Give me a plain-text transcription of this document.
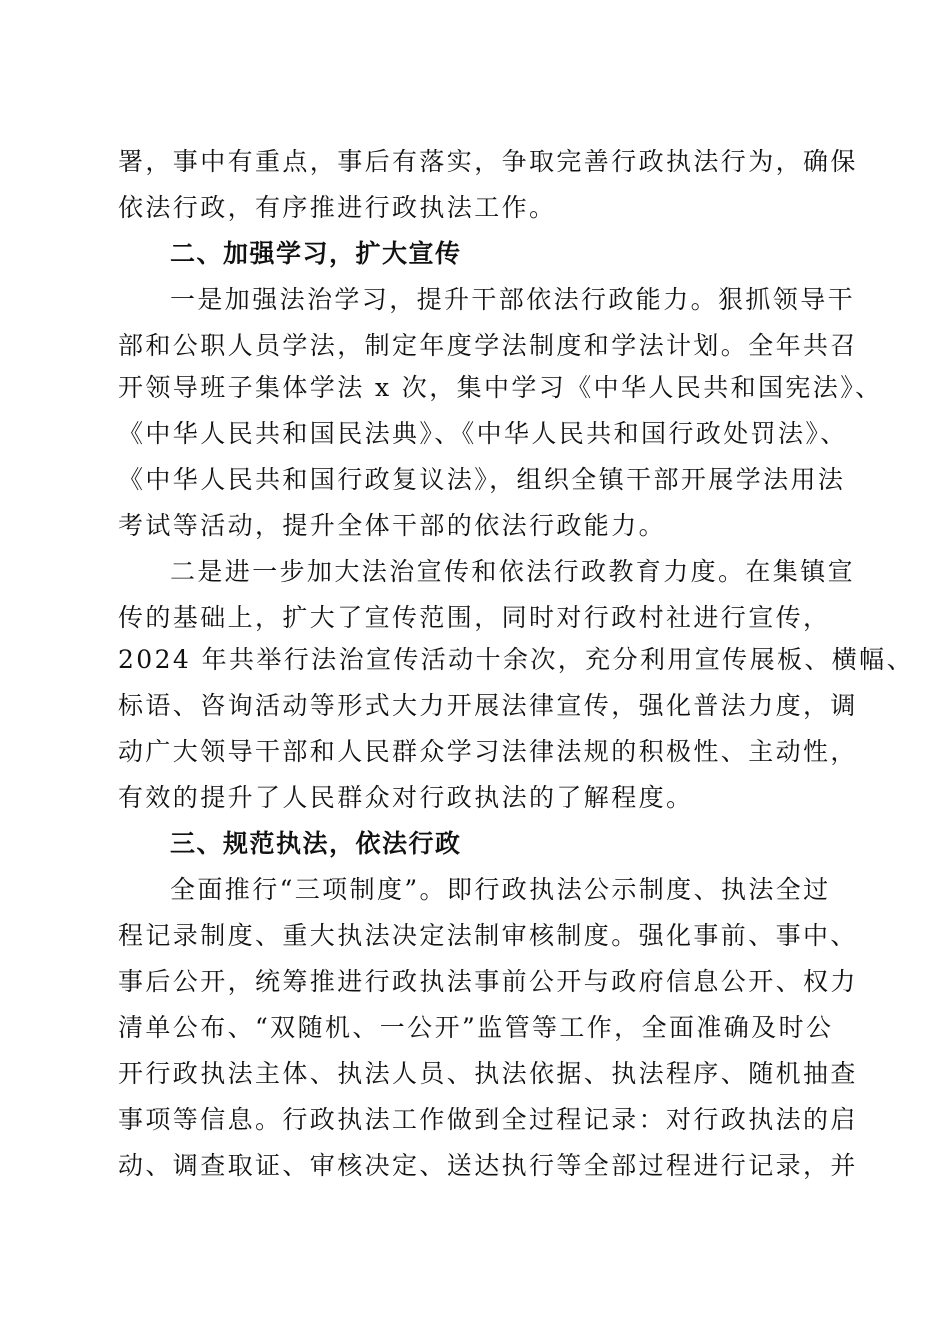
署，事中有重点，事后有落实，争取完善行政执法行为，确保
依法行政，有序推进行政执法工作。
二、加强学习，扩大宣传
一是加强法治学习，提升干部依法行政能力。狠抓领导干
部和公职人员学法，制定年度学法制度和学法计划。全年共召
开领导班子集体学法 x 次，集中学习《中华人民共和国宪法》、
《中华人民共和国民法典》、《中华人民共和国行政处罚法》、
《中华人民共和国行政复议法》，组织全镇干部开展学法用法
考试等活动，提升全体干部的依法行政能力。
二是进一步加大法治宣传和依法行政教育力度。在集镇宣
传的基础上，扩大了宣传范围，同时对行政村社进行宣传，
2024 年共举行法治宣传活动十余次，充分利用宣传展板、横幅、
标语、咨询活动等形式大力开展法律宣传，强化普法力度，调
动广大领导干部和人民群众学习法律法规的积极性、主动性，
有效的提升了人民群众对行政执法的了解程度。
三、规范执法，依法行政
全面推行“三项制度”。即行政执法公示制度、执法全过
程记录制度、重大执法决定法制审核制度。强化事前、事中、
事后公开，统筹推进行政执法事前公开与政府信息公开、权力
清单公布、“双随机、一公开”监管等工作，全面准确及时公
开行政执法主体、执法人员、执法依据、执法程序、随机抽查
事项等信息。行政执法工作做到全过程记录：对行政执法的启
动、调查取证、审核决定、送达执行等全部过程进行记录，并
